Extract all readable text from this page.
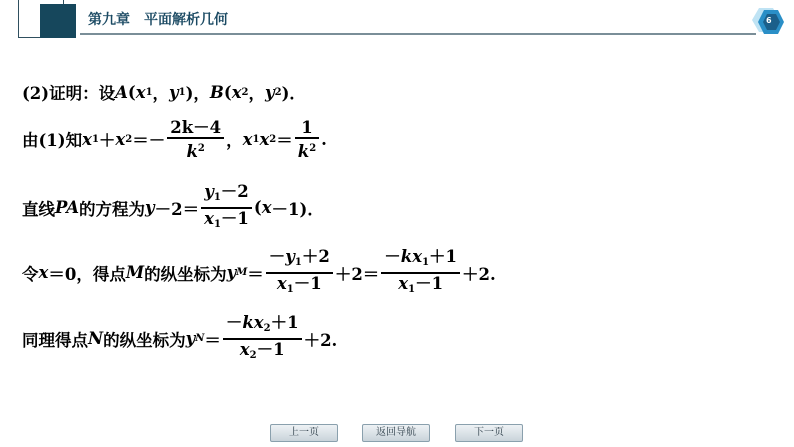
第九章　平面解析几何	6
(2)证明：设 A ( x 1 ， y 1 )， B ( x 2 ， y 2 )．
由(1)知 x 1 ＋ x $2 =- \frac{2k-4}{k^2}$ ， x 1 x $2 = \frac{1}{k^2}$ .
直线 PA 的方程为 $y -2= \frac{y_1-2}{x_1-1}$ ( x －1)．
令 x ＝0，得点 M 的纵坐标为 y $M = \frac{-y_1+2}{x_1-1} +2= \frac{-kx_1+1}{x_1-1} +2$.
同理得点 N 的纵坐标为 y $N = \frac{-kx_2+1}{x_2-1} +2$.
上一页	返回导航	下一页
